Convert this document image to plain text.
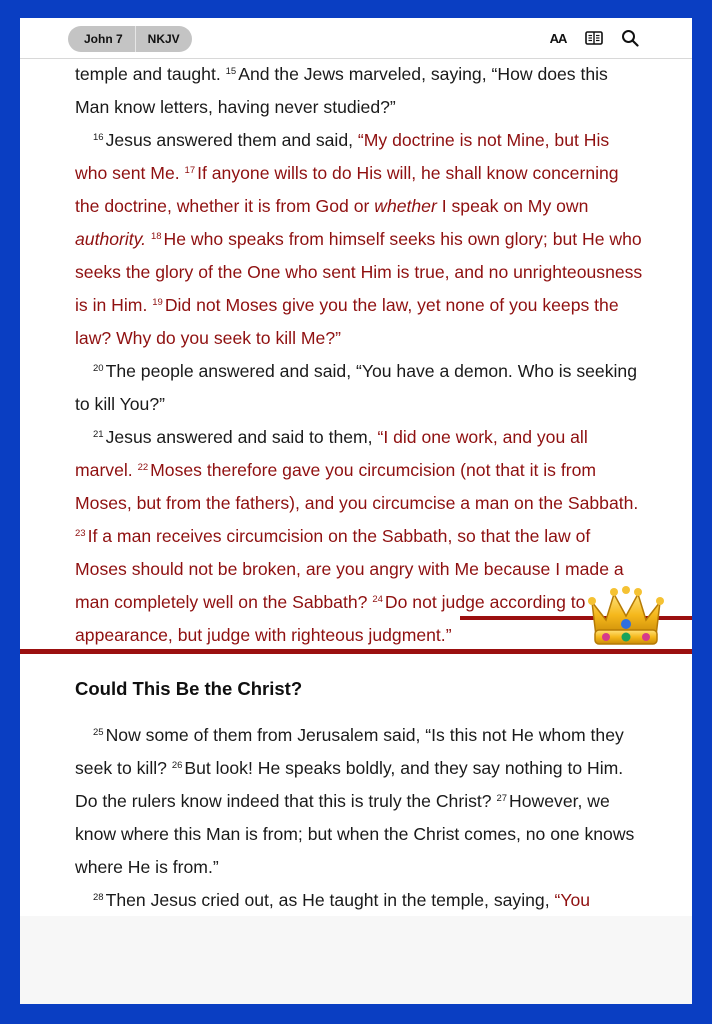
John 7	NKJV	AA

temple and taught. $^{15}$ And the Jews marveled, saying, “How does this Man know letters, having never studied?”

$^{16}$ Jesus answered them and said, “My doctrine is not Mine, but His who sent Me. $^{17}$ If anyone wills to do His will, he shall know concerning the doctrine, whether it is from God or whether I speak on My own authority. $^{18}$ He who speaks from himself seeks his own glory; but He who seeks the glory of the One who sent Him is true, and no unrighteousness is in Him. $^{19}$ Did not Moses give you the law, yet none of you keeps the law? Why do you seek to kill Me?”

$^{20}$ The people answered and said, “You have a demon. Who is seeking to kill You?”

$^{21}$ Jesus answered and said to them, “I did one work, and you all marvel. $^{22}$ Moses therefore gave you circumcision (not that it is from Moses, but from the fathers), and you circumcise a man on the Sabbath. $^{23}$ If a man receives circumcision on the Sabbath, so that the law of Moses should not be broken, are you angry with Me because I made a man completely well on the Sabbath? $^{24}$ Do not judge according to appearance, but judge with righteous judgment.”

Could This Be the Christ?

$^{25}$ Now some of them from Jerusalem said, “Is this not He whom they seek to kill? $^{26}$ But look! He speaks boldly, and they say nothing to Him. Do the rulers know indeed that this is truly the Christ? $^{27}$ However, we know where this Man is from; but when the Christ comes, no one knows where He is from.”

$^{28}$ Then Jesus cried out, as He taught in the temple, saying, “You
